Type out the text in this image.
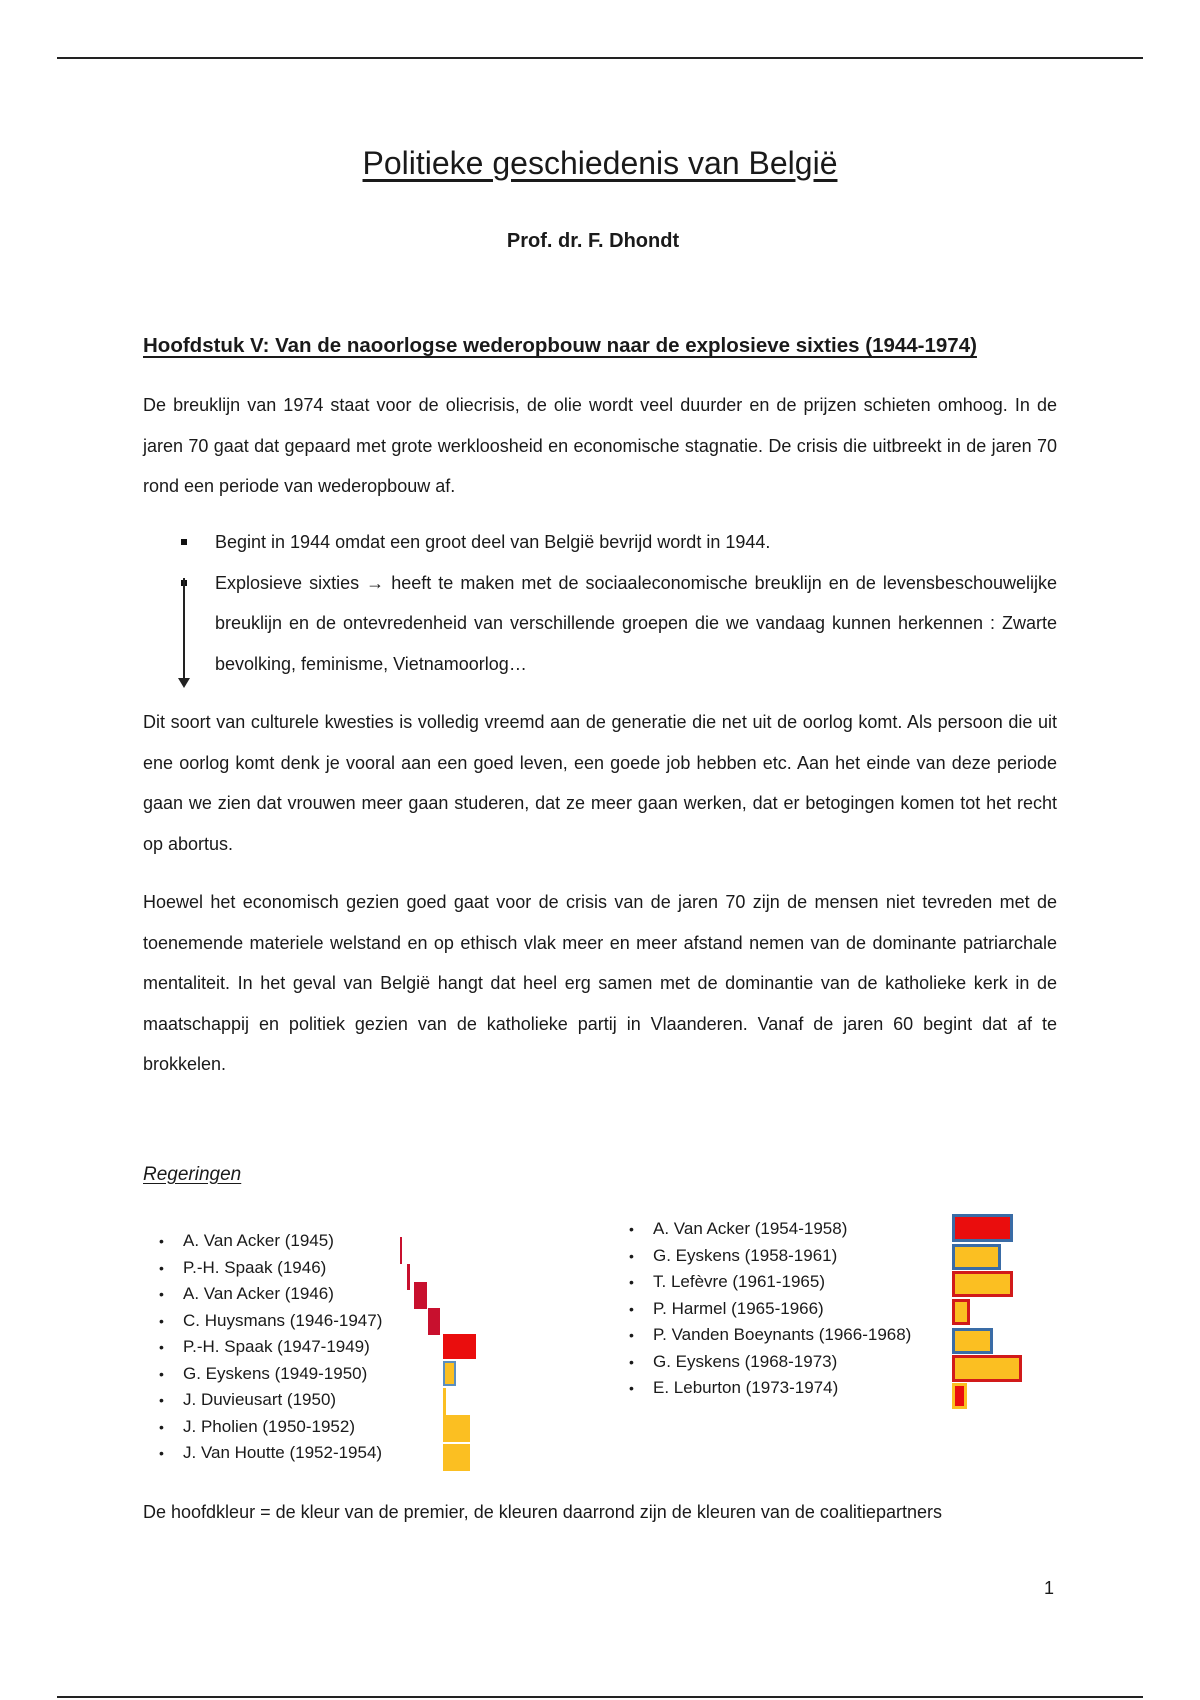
Politieke geschiedenis van België
Prof. dr. F. Dhondt
Hoofdstuk V: Van de naoorlogse wederopbouw naar de explosieve sixties (1944-1974)

De breuklijn van 1974 staat voor de oliecrisis, de olie wordt veel duurder en de prijzen schieten omhoog. In de jaren 70 gaat dat gepaard met grote werkloosheid en economische stagnatie. De crisis die uitbreekt in de jaren 70 rond een periode van wederopbouw af.

Begint in 1944 omdat een groot deel van België bevrijd wordt in 1944.
Explosieve sixties → heeft te maken met de sociaaleconomische breuklijn en de levensbeschouwelijke breuklijn en de ontevredenheid van verschillende groepen die we vandaag kunnen herkennen : Zwarte bevolking, feminisme, Vietnamoorlog…

Dit soort van culturele kwesties is volledig vreemd aan de generatie die net uit de oorlog komt. Als persoon die uit ene oorlog komt denk je vooral aan een goed leven, een goede job hebben etc. Aan het einde van deze periode gaan we zien dat vrouwen meer gaan studeren, dat ze meer gaan werken, dat er betogingen komen tot het recht op abortus.

Hoewel het economisch gezien goed gaat voor de crisis van de jaren 70 zijn de mensen niet tevreden met de toenemende materiele welstand en op ethisch vlak meer en meer afstand nemen van de dominante patriarchale mentaliteit. In het geval van België hangt dat heel erg samen met de dominantie van de katholieke kerk in de maatschappij en politiek gezien van de katholieke partij in Vlaanderen. Vanaf de jaren 60 begint dat af te brokkelen.

Regeringen
• A. Van Acker (1945)
• P.-H. Spaak (1946)
• A. Van Acker (1946)
• C. Huysmans (1946-1947)
• P.-H. Spaak (1947-1949)
• G. Eyskens (1949-1950)
• J. Duvieusart (1950)
• J. Pholien (1950-1952)
• J. Van Houtte (1952-1954)
• A. Van Acker (1954-1958)
• G. Eyskens (1958-1961)
• T. Lefèvre (1961-1965)
• P. Harmel (1965-1966)
• P. Vanden Boeynants (1966-1968)
• G. Eyskens (1968-1973)
• E. Leburton (1973-1974)
De hoofdkleur = de kleur van de premier, de kleuren daarrond zijn de kleuren van de coalitiepartners
1
